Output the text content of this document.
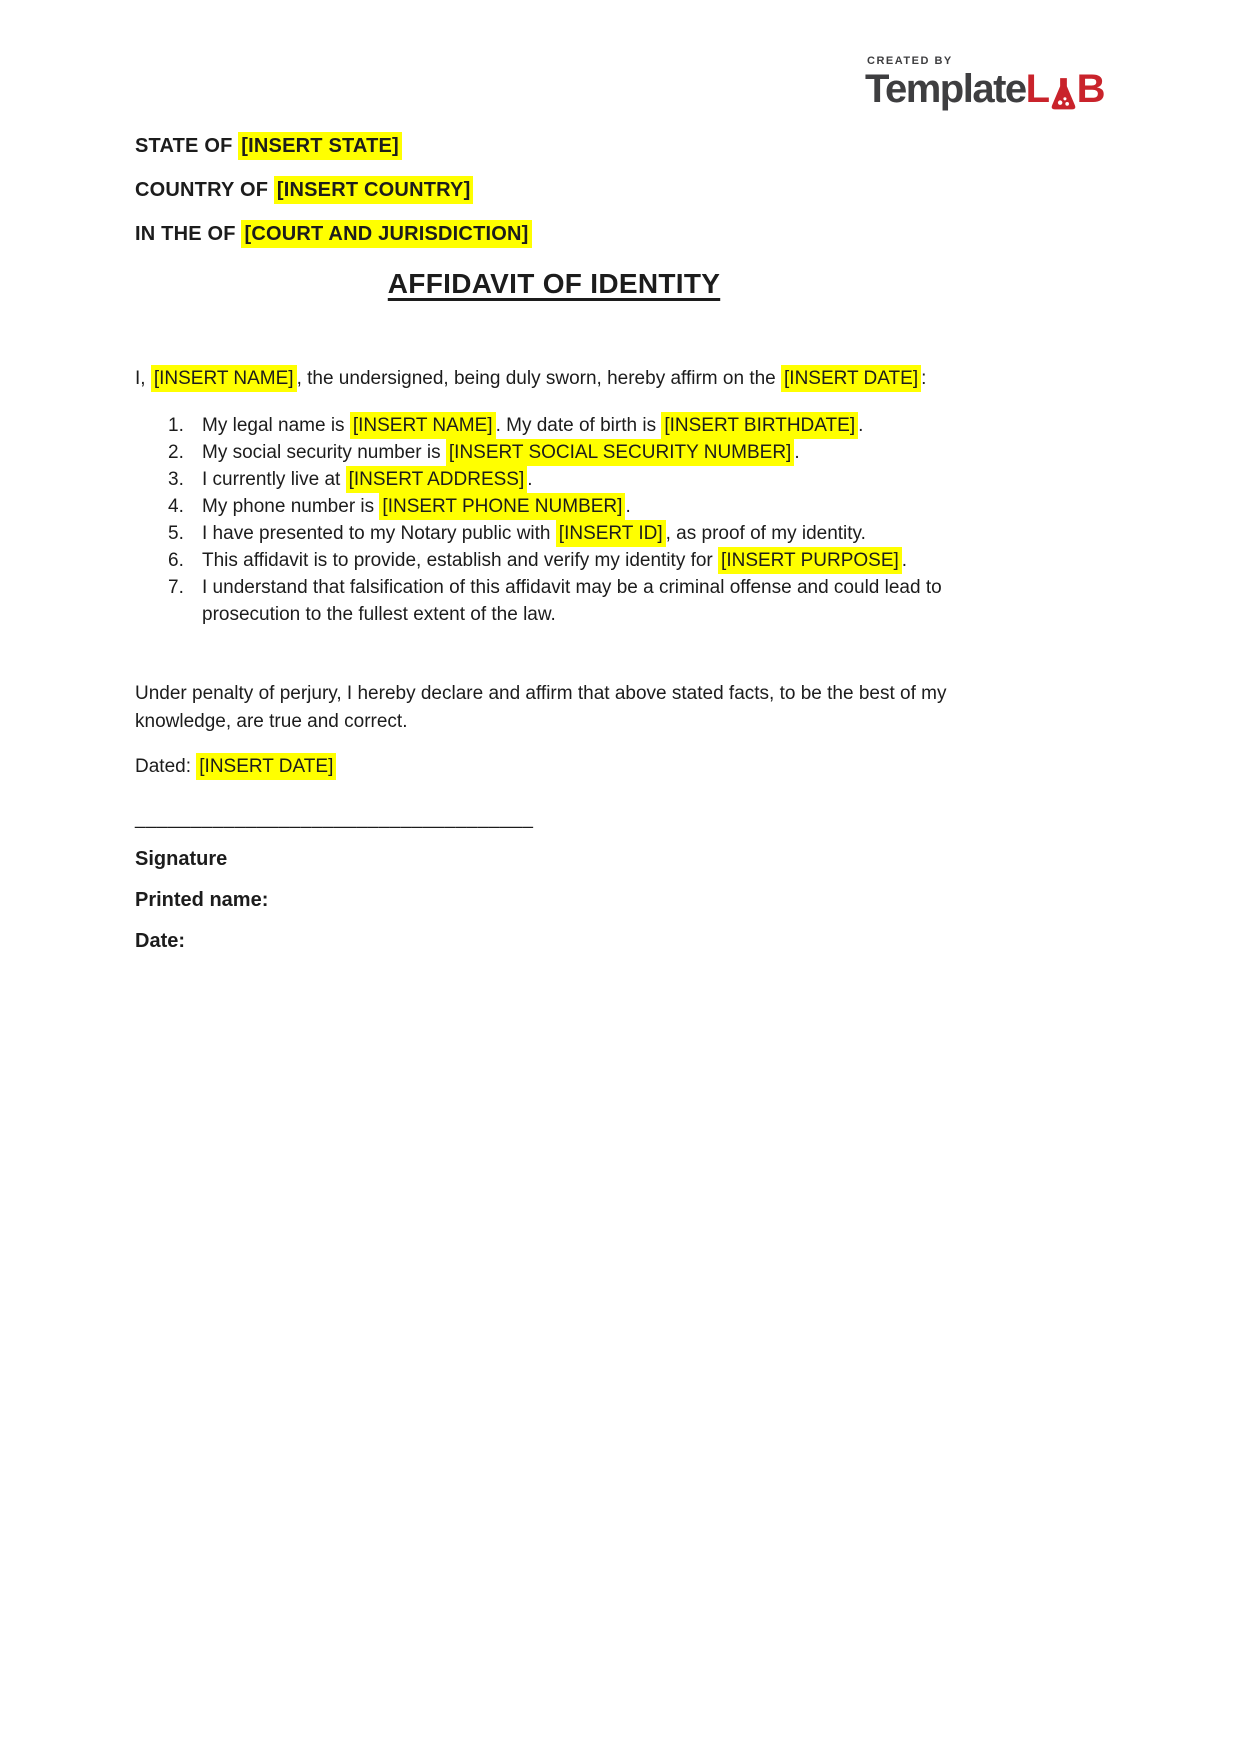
CREATED BY
Template L B

STATE OF [INSERT STATE]

COUNTRY OF [INSERT COUNTRY]

IN THE OF [COURT AND JURISDICTION]

AFFIDAVIT OF IDENTITY

I, [INSERT NAME] , the undersigned, being duly sworn, hereby affirm on the [INSERT DATE] :

1. My legal name is [INSERT NAME] . My date of birth is [INSERT BIRTHDATE] .
2. My social security number is [INSERT SOCIAL SECURITY NUMBER] .
3. I currently live at [INSERT ADDRESS] .
4. My phone number is [INSERT PHONE NUMBER] .
5. I have presented to my Notary public with [INSERT ID] , as proof of my identity.
6. This affidavit is to provide, establish and verify my identity for [INSERT PURPOSE] .
7. I understand that falsification of this affidavit may be a criminal offense and could lead to prosecution to the fullest extent of the law.

Under penalty of perjury, I hereby declare and affirm that above stated facts, to be the best of my knowledge, are true and correct.

Dated: [INSERT DATE]

____________________________________

Signature

Printed name:

Date:
